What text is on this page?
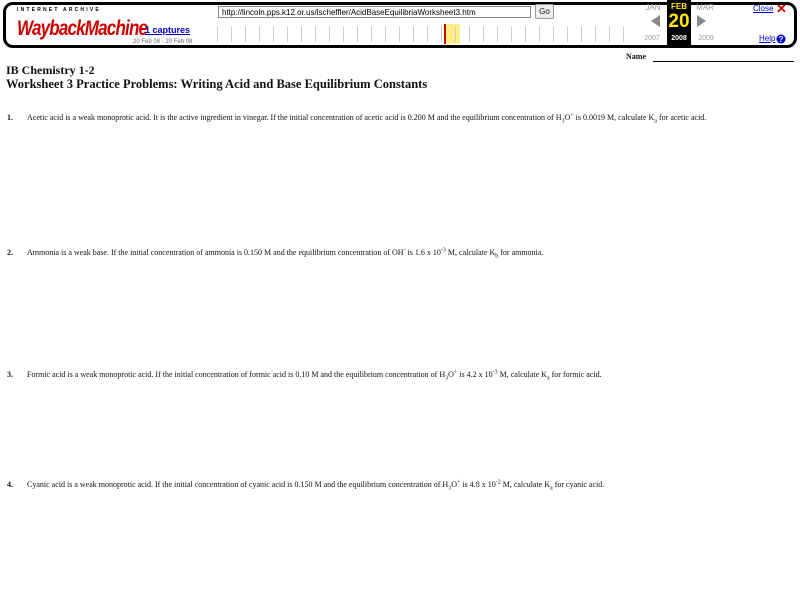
INTERNET ARCHIVE
WaybackMachine
http://lincoln.pps.k12.or.us/lscheffler/AcidBaseEquilibriaWorksheet3.htm	Go
1 captures
20 Feb 08 - 20 Feb 08
JAN	FEB
20
2008
MAR
2007	2009
Close ✕
Help ?
Name
IB Chemistry 1-2
Worksheet 3 Practice Problems: Writing Acid and Base Equilibrium Constants
1. Acetic acid is a weak monoprotic acid. It is the active ingredient in vinegar. If the initial concentration of acetic acid is 0.200 M and the equilibrium concentration of $H_3O^+$ is 0.0019 M, calculate $K_a$ for acetic acid.
2. Ammonia is a weak base. If the initial concentration of ammonia is 0.150 M and the equilibrium concentration of OH- is 1.6 x $10^{-3}$ M, calculate $K_b$ for ammonia.
3. Formic acid is a weak monoprotic acid. If the initial concentration of formic acid is 0.10 M and the equilibrium concentration of $H_3O^+$ is 4.2 x $10^{-3}$ M, calculate $K_a$ for formic acid.
4. Cyanic acid is a weak monoprotic acid. If the initial concentration of cyanic acid is 0.150 M and the equilibrium concentration of $H_3O^+$ is 4.8 x $10^{-2}$ M, calculate $K_a$ for cyanic acid.
